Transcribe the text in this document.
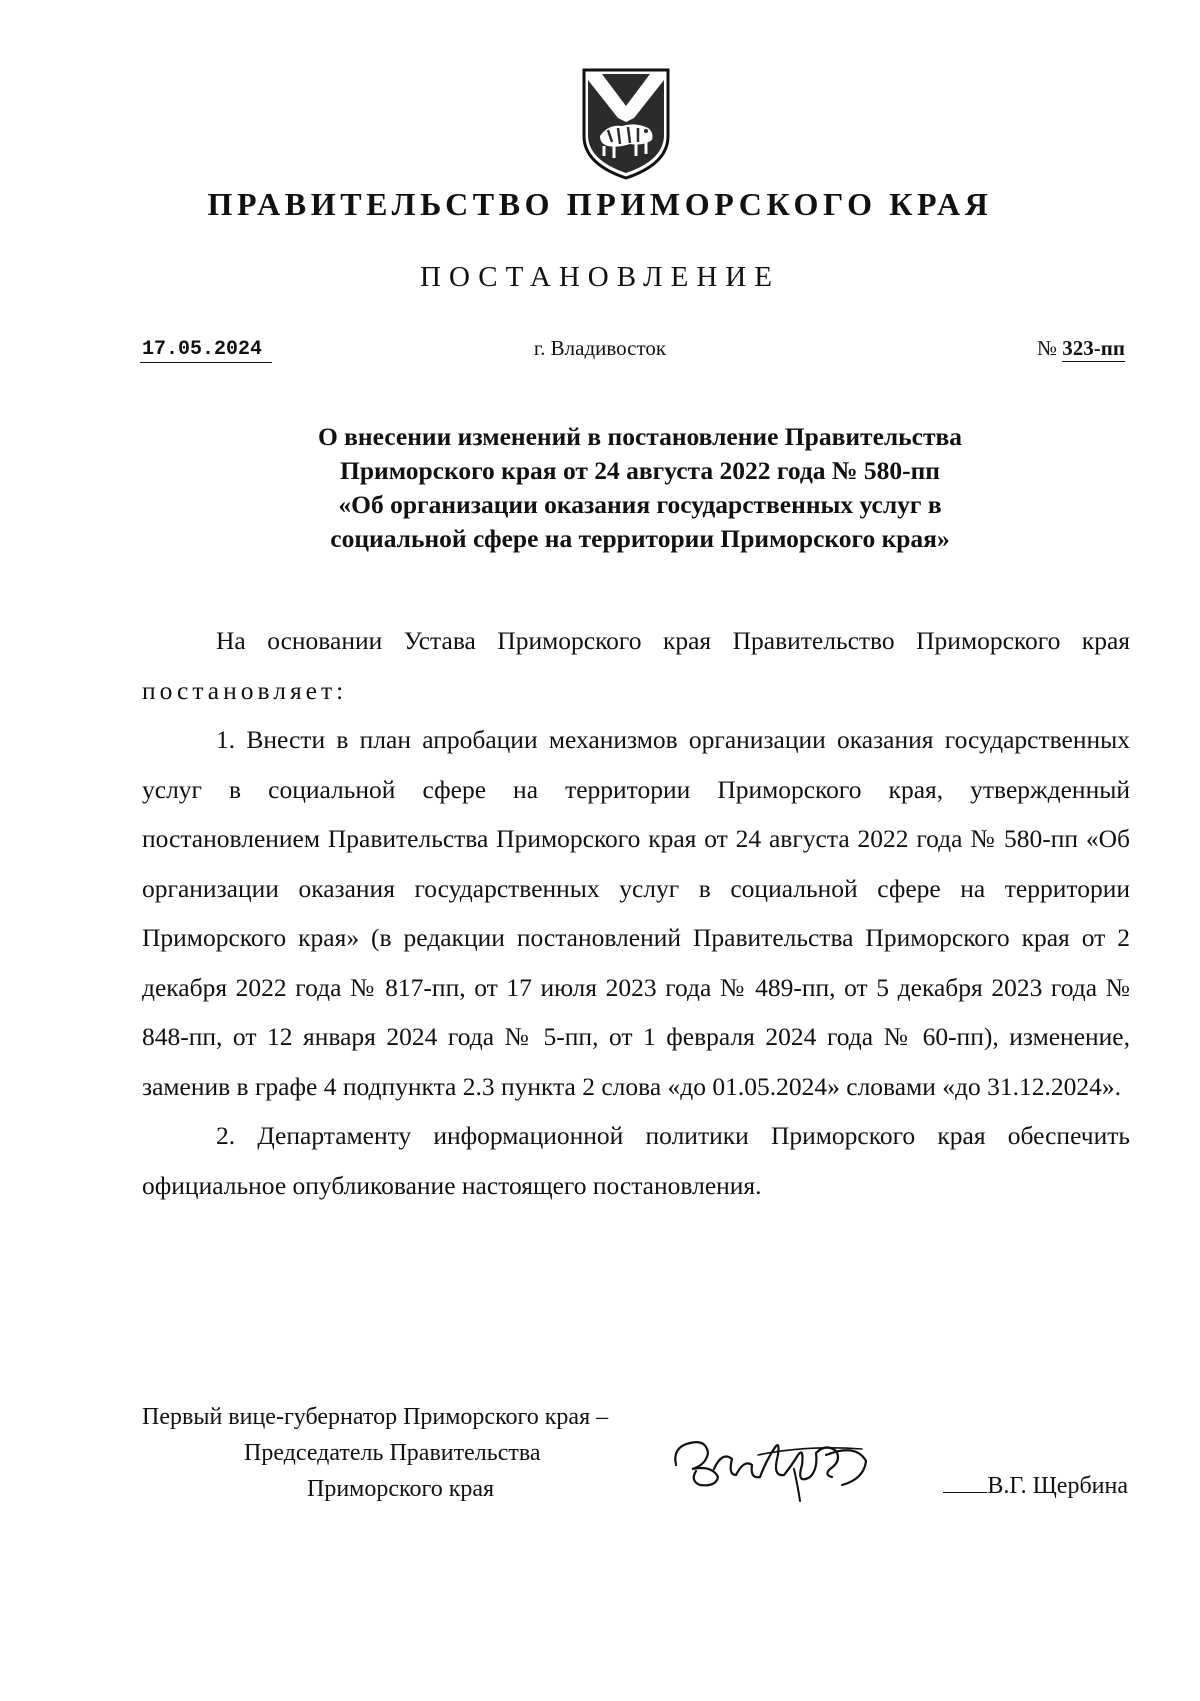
ПРАВИТЕЛЬСТВО ПРИМОРСКОГО КРАЯ
ПОСТАНОВЛЕНИЕ
17.05.2024	г. Владивосток	№ 323-пп
О внесении изменений в постановление Правительства
Приморского края от 24 августа 2022 года № 580-пп
«Об организации оказания государственных услуг в
социальной сфере на территории Приморского края»

На основании Устава Приморского края Правительство Приморского края постановляет:

1. Внести в план апробации механизмов организации оказания государственных услуг в социальной сфере на территории Приморского края, утвержденный постановлением Правительства Приморского края от 24 августа 2022 года № 580-пп «Об организации оказания государственных услуг в социальной сфере на территории Приморского края» (в редакции постановлений Правительства Приморского края от 2 декабря 2022 года № 817-пп, от 17 июля 2023 года № 489-пп, от 5 декабря 2023 года № 848-пп, от 12 января 2024 года № 5-пп, от 1 февраля 2024 года № 60-пп), изменение, заменив в графе 4 подпункта 2.3 пункта 2 слова «до 01.05.2024» словами «до 31.12.2024».

2. Департаменту информационной политики Приморского края обеспечить официальное опубликование настоящего постановления.

Первый вице-губернатор Приморского края –
Председатель Правительства
Приморского края	В.Г. Щербина
